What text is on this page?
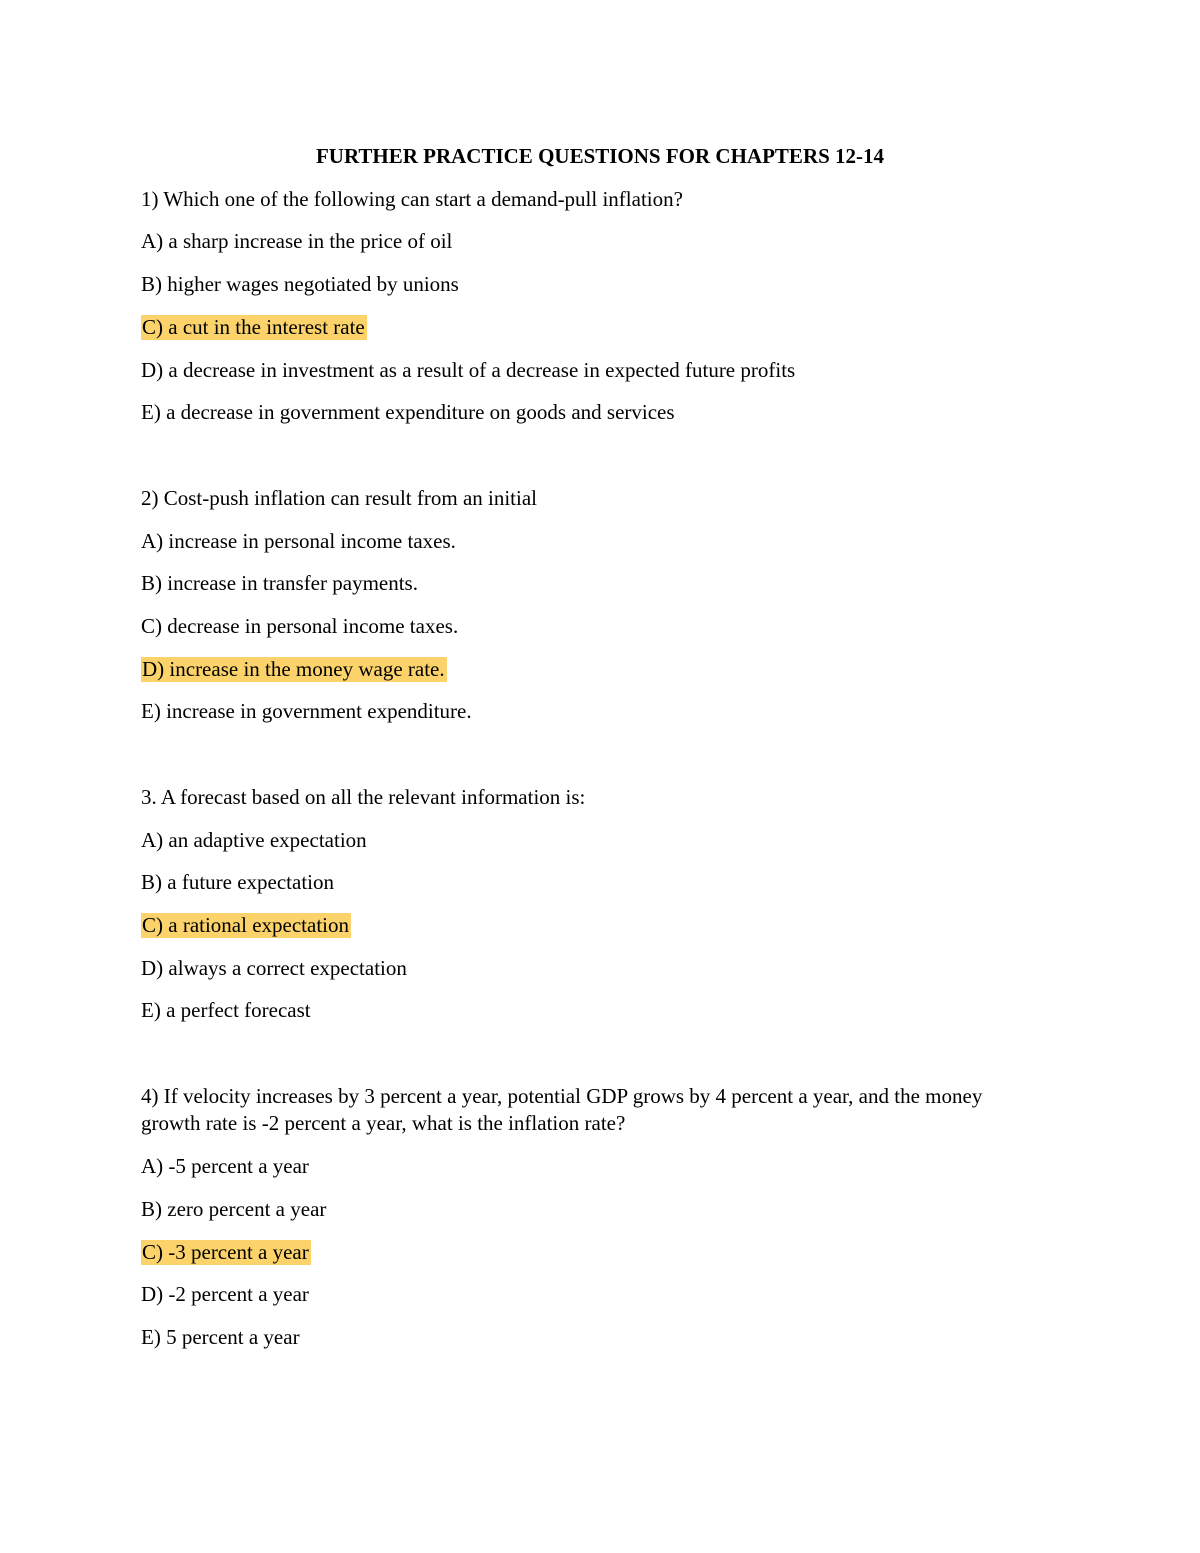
FURTHER PRACTICE QUESTIONS FOR CHAPTERS 12-14
1) Which one of the following can start a demand-pull inflation?
A) a sharp increase in the price of oil
B) higher wages negotiated by unions
C) a cut in the interest rate
D) a decrease in investment as a result of a decrease in expected future profits
E) a decrease in government expenditure on goods and services
2) Cost-push inflation can result from an initial
A) increase in personal income taxes.
B) increase in transfer payments.
C) decrease in personal income taxes.
D) increase in the money wage rate.
E) increase in government expenditure.
3. A forecast based on all the relevant information is:
A) an adaptive expectation
B) a future expectation
C) a rational expectation
D) always a correct expectation
E) a perfect forecast
4) If velocity increases by 3 percent a year, potential GDP grows by 4 percent a year, and the money growth rate is -2 percent a year, what is the inflation rate?
A) -5 percent a year
B) zero percent a year
C) -3 percent a year
D) -2 percent a year
E) 5 percent a year
